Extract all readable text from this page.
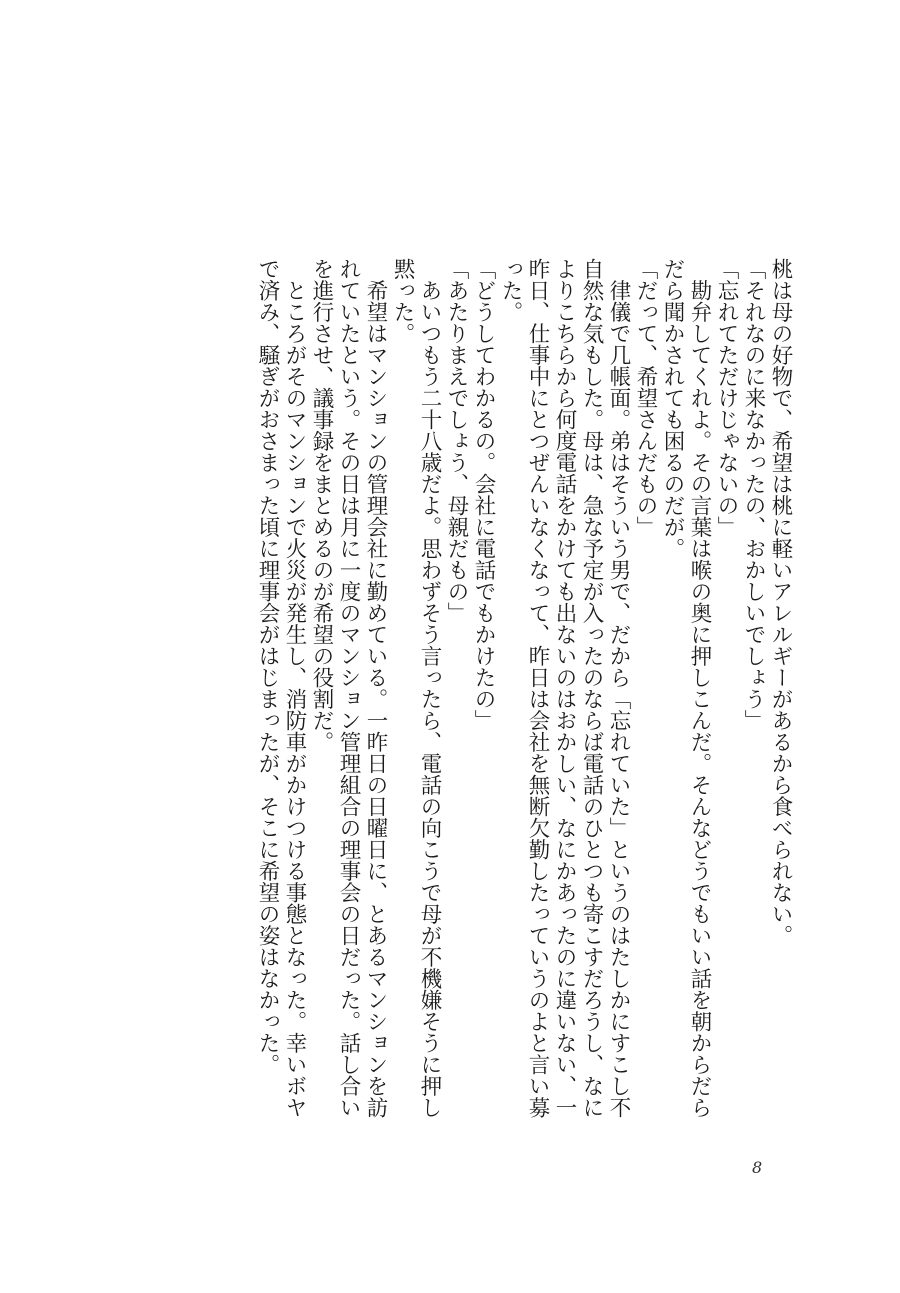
桃は母の好物で、希望は桃に軽いアレルギーがあるから食べられない。
「それなのに来なかったの、おかしいでしょう」
「忘れてただけじゃないの」
　勘弁してくれよ。その言葉は喉の奥に押しこんだ。そんなどうでもいい話を朝からだら
だら聞かされても困るのだが。
「だって、希望さんだもの」
　律儀で几帳面。弟はそういう男で、だから「忘れていた」というのはたしかにすこし不
自然な気もした。母は、急な予定が入ったのならば電話のひとつも寄こすだろうし、なに
よりこちらから何度電話をかけても出ないのはおかしい、なにかあったのに違いない、一
昨日、仕事中にとつぜんいなくなって、昨日は会社を無断欠勤したっていうのよと言い募
った。
「どうしてわかるの。会社に電話でもかけたの」
「あたりまえでしょう、母親だもの」
　あいつもう二十八歳だよ。思わずそう言ったら、電話の向こうで母が不機嫌そうに押し
黙った。
　希望はマンションの管理会社に勤めている。一昨日の日曜日に、とあるマンションを訪
れていたという。その日は月に一度のマンション管理組合の理事会の日だった。話し合い
を進行させ、議事録をまとめるのが希望の役割だ。
　ところがそのマンションで火災が発生し、消防車がかけつける事態となった。幸いボヤ
で済み、騒ぎがおさまった頃に理事会がはじまったが、そこに希望の姿はなかった。
8
